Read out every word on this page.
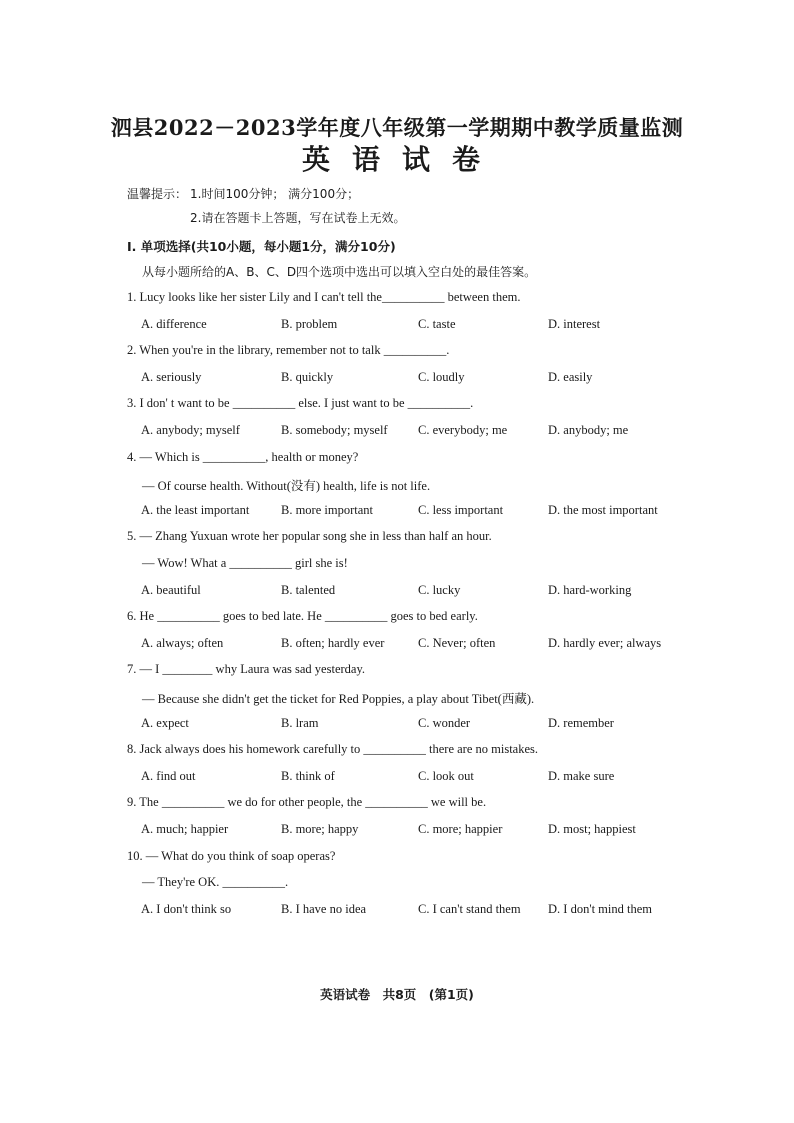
泗县2022－2023学年度八年级第一学期期中教学质量监测
英语试卷
温馨提示： 1.时间100分钟； 满分100分；
2.请在答题卡上答题，写在试卷上无效。
I. 单项选择(共10小题，每小题1分，满分10分)
从每小题所给的A、B、C、D四个选项中选出可以填入空白处的最佳答案。
1. Lucy looks like her sister Lily and I can't tell the__________ between them.
A. difference	B. problem	C. taste	D. interest
2. When you're in the library, remember not to talk __________.
A. seriously	B. quickly	C. loudly	D. easily
3. I don' t want to be __________ else. I just want to be __________.
A. anybody; myself	B. somebody; myself C. everybody; me	D. anybody; me
4. — Which is __________, health or money?
— Of course health. Without(没有) health, life is not life.
A. the least important	B. more important	C. less important	D. the most important
5. — Zhang Yuxuan wrote her popular song she in less than half an hour.
— Wow! What a __________ girl she is!
A. beautiful	B. talented	C. lucky	D. hard-working
6. He __________ goes to bed late. He __________ goes to bed early.
A. always; often	B. often; hardly ever	C. Never; often	D. hardly ever; always
7. — I ________ why Laura was sad yesterday.
— Because she didn't get the ticket for Red Poppies, a play about Tibet(西藏).
A. expect	B. lram	C. wonder	D. remember
8. Jack always does his homework carefully to __________ there are no mistakes.
A. find out	B. think of	C. look out	D. make sure
9. The __________ we do for other people, the __________ we will be.
A. much; happier	B. more; happy	C. more; happier	D. most; happiest
10. — What do you think of soap operas?
— They're OK. __________.
A. I don't think so	B. I have no idea	C. I can't stand them D. I don't mind them
英语试卷　共8页　(第1页)
